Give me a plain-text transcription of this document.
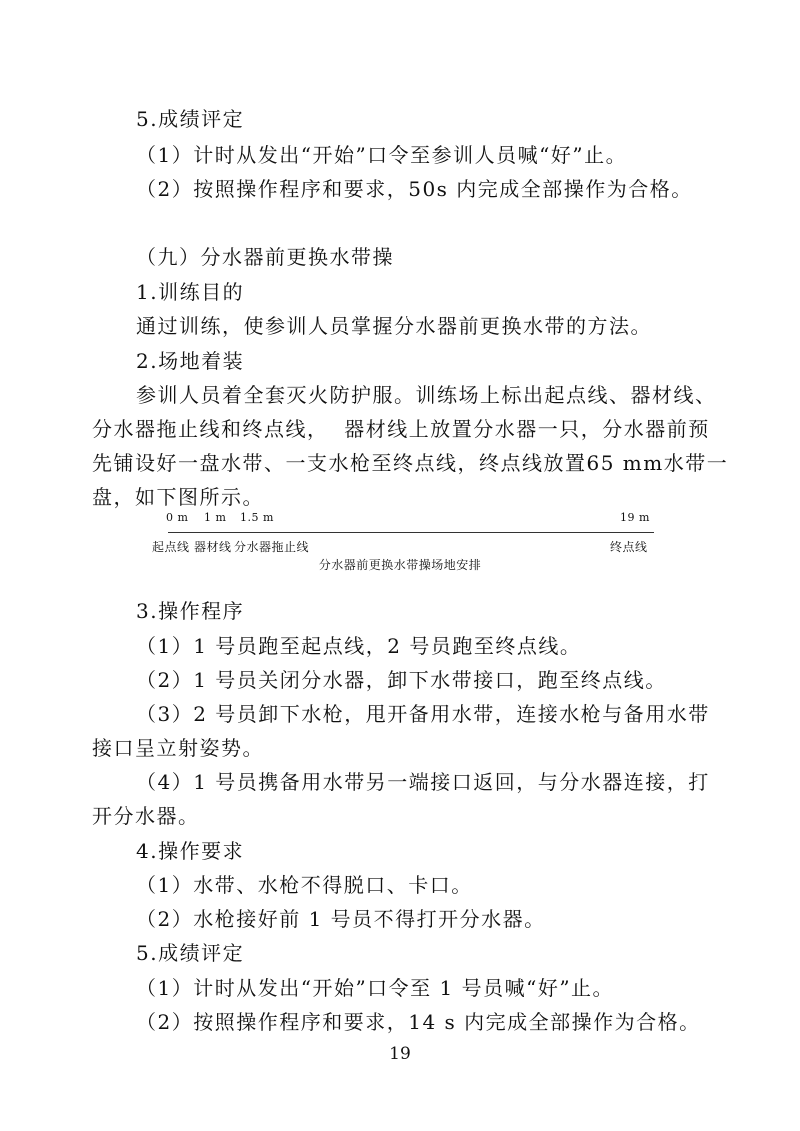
5.成绩评定
（1）计时从发出“开始”口令至参训人员喊“好”止。
（2）按照操作程序和要求，50s 内完成全部操作为合格。
（九）分水器前更换水带操
1.训练目的
通过训练，使参训人员掌握分水器前更换水带的方法。
2.场地着装
参训人员着全套灭火防护服。训练场上标出起点线、器材线、
分水器拖止线和终点线，  器材线上放置分水器一只，分水器前预
先铺设好一盘水带、一支水枪至终点线，终点线放置65 mm水带一
盘，如下图所示。
0 m 1 m 1.5 m	19 m
起点线 器材线 分水器拖止线	终点线
分水器前更换水带操场地安排
3.操作程序
（1）1 号员跑至起点线，2 号员跑至终点线。
（2）1 号员关闭分水器，卸下水带接口，跑至终点线。
（3）2 号员卸下水枪，甩开备用水带，连接水枪与备用水带
接口呈立射姿势。
（4）1 号员携备用水带另一端接口返回，与分水器连接，打
开分水器。
4.操作要求
（1）水带、水枪不得脱口、卡口。
（2）水枪接好前 1 号员不得打开分水器。
5.成绩评定
（1）计时从发出“开始”口令至 1 号员喊“好”止。
（2）按照操作程序和要求，14 s 内完成全部操作为合格。
19
